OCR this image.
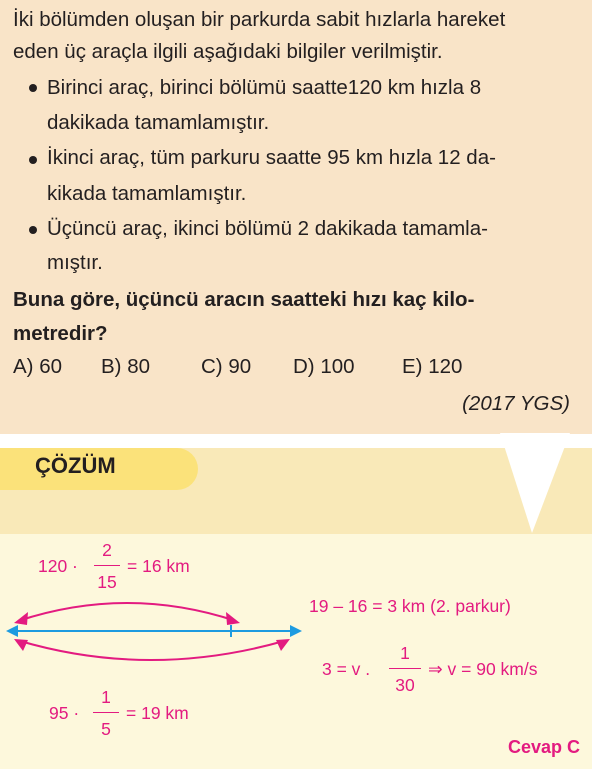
İki bölümden oluşan bir parkurda sabit hızlarla hareket
eden üç araçla ilgili aşağıdaki bilgiler verilmiştir.
Birinci araç, birinci bölümü saatte120 km hızla 8
dakikada tamamlamıştır.
İkinci araç, tüm parkuru saatte 95 km hızla 12 da-
kikada tamamlamıştır.
Üçüncü araç, ikinci bölümü 2 dakikada tamamla-
mıştır.
Buna göre, üçüncü aracın saatteki hızı kaç kilo-
metredir?
A) 60 B) 80 C) 90 D) 100 E) 120
(2017 YGS)
ÇÖZÜM
120 ·
2
15
= 16 km
95 ·
1
5
= 19 km
19 – 16 = 3 km (2. parkur)
3 = v .
1
30
⇒ v = 90 km/s
Cevap C
